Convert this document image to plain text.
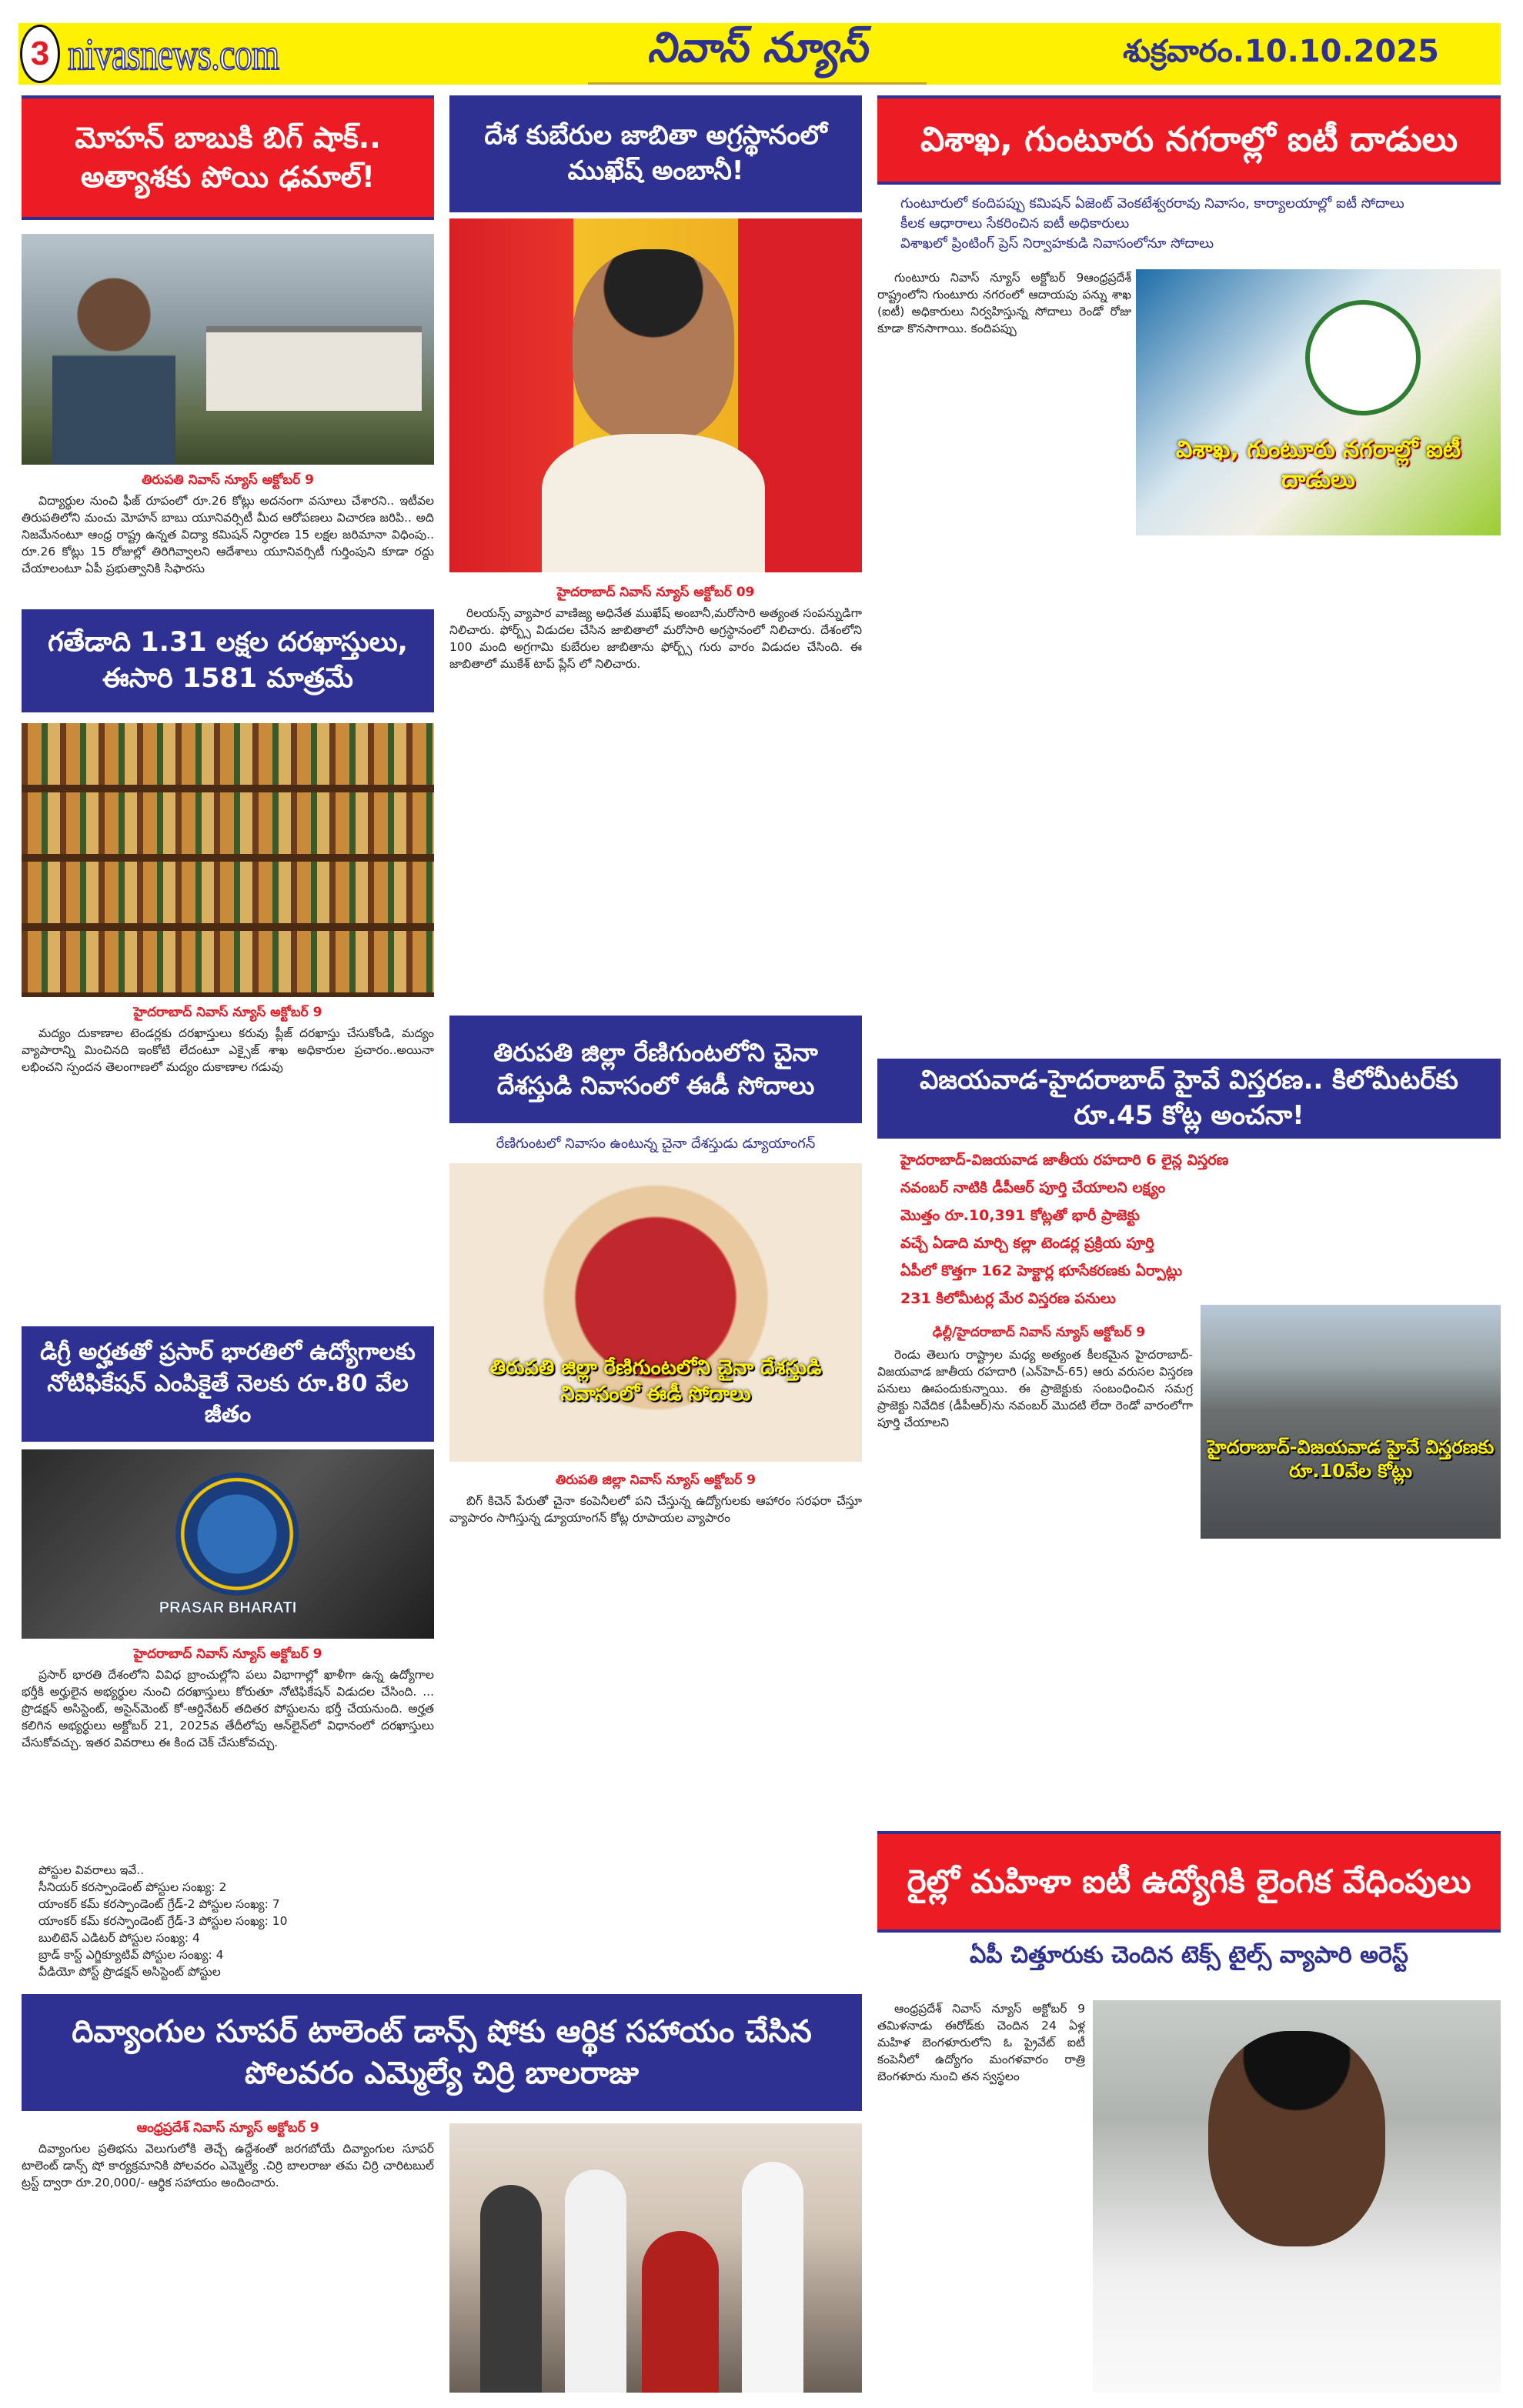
3 nivasnews.com	నివాస్ న్యూస్	శుక్రవారం.10.10.2025
మోహన్ బాబుకి బిగ్ షాక్.. అత్యాశకు పోయి ఢమాల్!
తిరుపతి నివాస్ న్యూస్ అక్టోబర్ 9
విద్యార్థుల నుంచి ఫీజ్ రూపంలో రూ.26 కోట్లు అదనంగా వసూలు చేశారని.. ఇటీవల తిరుపతిలోని మంచు మోహన్ బాబు యూనివర్సిటీ మీద ఆరోపణలు విచారణ జరిపి.. అది నిజమేనంటూ ఆంధ్ర రాష్ట్ర ఉన్నత విద్యా కమిషన్ నిర్ధారణ 15 లక్షల జరిమానా విధింపు.. రూ.26 కోట్లు 15 రోజుల్లో తిరిగివ్వాలని ఆదేశాలు యూనివర్సిటీ గుర్తింపుని కూడా రద్దు చేయాలంటూ ఏపీ ప్రభుత్వానికి సిఫారసు
గతేడాది 1.31 లక్షల దరఖాస్తులు, ఈసారి 1581 మాత్రమే
హైదరాబాద్ నివాస్ న్యూస్ అక్టోబర్ 9
మద్యం దుకాణాల టెండర్లకు దరఖాస్తులు కరువు ప్లీజ్ దరఖాస్తు చేసుకోండి, మద్యం వ్యాపారాన్ని మించినది ఇంకోటి లేదంటూ ఎక్సైజ్ శాఖ అధికారుల ప్రచారం..అయినా లభించని స్పందన తెలంగాణలో మద్యం దుకాణాల గడువు
డిగ్రీ అర్హతతో ప్రసార్ భారతిలో ఉద్యోగాలకు నోటిఫికేషన్ ఎంపికైతే నెలకు రూ.80 వేల జీతం
PRASAR BHARATI
హైదరాబాద్ నివాస్ న్యూస్ అక్టోబర్ 9
ప్రసార్ భారతి దేశంలోని వివిధ బ్రాంచుల్లోని పలు విభాగాల్లో ఖాళీగా ఉన్న ఉద్యోగాల భర్తీకి అర్హులైన అభ్యర్థుల నుంచి దరఖాస్తులు కోరుతూ నోటిఫికేషన్ విడుదల చేసింది. ... ప్రొడక్షన్ అసిస్టెంట్, అసైన్‌మెంట్ కో-ఆర్డినేటర్ తదితర పోస్టులను భర్తీ చేయనుంది. అర్హత కలిగిన అభ్యర్థులు అక్టోబర్ 21, 2025వ తేదీలోపు ఆన్‌లైన్‌లో విధానంలో దరఖాస్తులు చేసుకోవచ్చు. ఇతర వివరాలు ఈ కింద చెక్ చేసుకోవచ్చు.
పోస్టుల వివరాలు ఇవే..
సీనియర్ కరస్పాండెంట్ పోస్టుల సంఖ్య: 2
యాంకర్ కమ్ కరస్పాండెంట్ గ్రేడ్-2 పోస్టుల సంఖ్య: 7
యాంకర్ కమ్ కరస్పాండెంట్ గ్రేడ్-3 పోస్టుల సంఖ్య: 10
బులిటెన్ ఎడిటర్ పోస్టుల సంఖ్య: 4
బ్రాడ్ కాస్ట్ ఎగ్జిక్యూటివ్ పోస్టుల సంఖ్య: 4
వీడియో పోస్ట్ ప్రొడక్షన్ అసిస్టెంట్ పోస్టుల
దేశ కుబేరుల జాబితా అగ్రస్థానంలో ముఖేష్ అంబానీ!
హైదరాబాద్ నివాస్ న్యూస్ అక్టోబర్ 09
రిలయన్స్ వ్యాపార వాణిజ్య అధినేత ముఖేష్ అంబానీ,మరోసారి అత్యంత సంపన్నుడిగా నిలిచారు. ఫోర్బ్స్ విడుదల చేసిన జాబితాలో మరోసారి అగ్రస్థానంలో నిలిచారు. దేశంలోని 100 మంది అగ్రగామి కుబేరుల జాబితాను ఫోర్బ్స్ గురు వారం విడుదల చేసింది. ఈ జాబితాలో ముకేశ్ టాప్ ప్లేస్ లో నిలిచారు.
తిరుపతి జిల్లా రేణిగుంటలోని చైనా దేశస్తుడి నివాసంలో ఈడీ సోదాలు
రేణిగుంటలో నివాసం ఉంటున్న చైనా దేశస్తుడు డ్యూయాంగన్
తిరుపతి జిల్లా రేణిగుంటలోని చైనా దేశస్తుడి నివాసంలో ఈడీ సోదాలు
తిరుపతి జిల్లా నివాస్ న్యూస్ అక్టోబర్ 9
బిగ్ కిచెన్ పేరుతో చైనా కంపెనీలలో పని చేస్తున్న ఉద్యోగులకు ఆహారం సరఫరా చేస్తూ వ్యాపారం సాగిస్తున్న డ్యూయాంగన్ కోట్ల రూపాయల వ్యాపారం
విశాఖ, గుంటూరు నగరాల్లో ఐటీ దాడులు
గుంటూరులో కందిపప్పు కమిషన్ ఏజెంట్ వెంకటేశ్వరరావు నివాసం, కార్యాలయాల్లో ఐటీ సోదాలు
కీలక ఆధారాలు సేకరించిన ఐటీ అధికారులు
విశాఖలో ప్రింటింగ్ ప్రెస్ నిర్వాహకుడి నివాసంలోనూ సోదాలు
గుంటూరు నివాస్ న్యూస్ అక్టోబర్ 9ఆంధ్రప్రదేశ్ రాష్ట్రంలోని గుంటూరు నగరంలో ఆదాయపు పన్ను శాఖ (ఐటీ) అధికారులు నిర్వహిస్తున్న సోదాలు రెండో రోజు కూడా కొనసాగాయి. కందిపప్పు
విశాఖ, గుంటూరు నగరాల్లో ఐటీ దాడులు
విజయవాడ-హైదరాబాద్ హైవే విస్తరణ.. కిలోమీటర్‌కు రూ.45 కోట్ల అంచనా!
హైదరాబాద్-విజయవాడ జాతీయ రహదారి 6 లైన్ల విస్తరణ
నవంబర్ నాటికి డీపీఆర్ పూర్తి చేయాలని లక్ష్యం
మొత్తం రూ.10,391 కోట్లతో భారీ ప్రాజెక్టు
వచ్చే ఏడాది మార్చి కల్లా టెండర్ల ప్రక్రియ పూర్తి
ఏపీలో కొత్తగా 162 హెక్టార్ల భూసేకరణకు ఏర్పాట్లు
231 కిలోమీటర్ల మేర విస్తరణ పనులు
ఢిల్లీ/హైదరాబాద్ నివాస్ న్యూస్ అక్టోబర్ 9
రెండు తెలుగు రాష్ట్రాల మధ్య అత్యంత కీలకమైన హైదరాబాద్-విజయవాడ జాతీయ రహదారి (ఎన్‌హెచ్-65) ఆరు వరుసల విస్తరణ పనులు ఊపందుకున్నాయి. ఈ ప్రాజెక్టుకు సంబంధించిన సమగ్ర ప్రాజెక్టు నివేదిక (డీపీఆర్)ను నవంబర్ మొదటి లేదా రెండో వారంలోగా పూర్తి చేయాలని
హైదరాబాద్-విజయవాడ హైవే విస్తరణకు రూ.10వేల కోట్లు
రైల్లో మహిళా ఐటీ ఉద్యోగికి లైంగిక వేధింపులు
ఏపీ చిత్తూరుకు చెందిన టెక్స్ టైల్స్ వ్యాపారి అరెస్ట్
ఆంధ్రప్రదేశ్ నివాస్ న్యూస్ అక్టోబర్ 9 తమిళనాడు ఈరోడ్‌కు చెందిన 24 ఏళ్ల మహిళ బెంగళూరులోని ఓ ప్రైవేట్ ఐటీ కంపెనీలో ఉద్యోగం మంగళవారం రాత్రి బెంగళూరు నుంచి తన స్వస్థలం
దివ్యాంగుల సూపర్ టాలెంట్ డాన్స్ షోకు ఆర్థిక సహాయం చేసిన పోలవరం ఎమ్మెల్యే చిర్రి బాలరాజు
ఆంధ్రప్రదేశ్ నివాస్ న్యూస్ అక్టోబర్ 9
దివ్యాంగుల ప్రతిభను వెలుగులోకి తెచ్చే ఉద్దేశంతో జరగబోయే దివ్యాంగుల సూపర్ టాలెంట్ డాన్స్ షో కార్యక్రమానికి పోలవరం ఎమ్మెల్యే .చిర్రి బాలరాజు తమ చిర్రి చారిటబుల్ ట్రస్ట్ ద్వారా రూ.20,000/- ఆర్థిక సహాయం అందించారు.
